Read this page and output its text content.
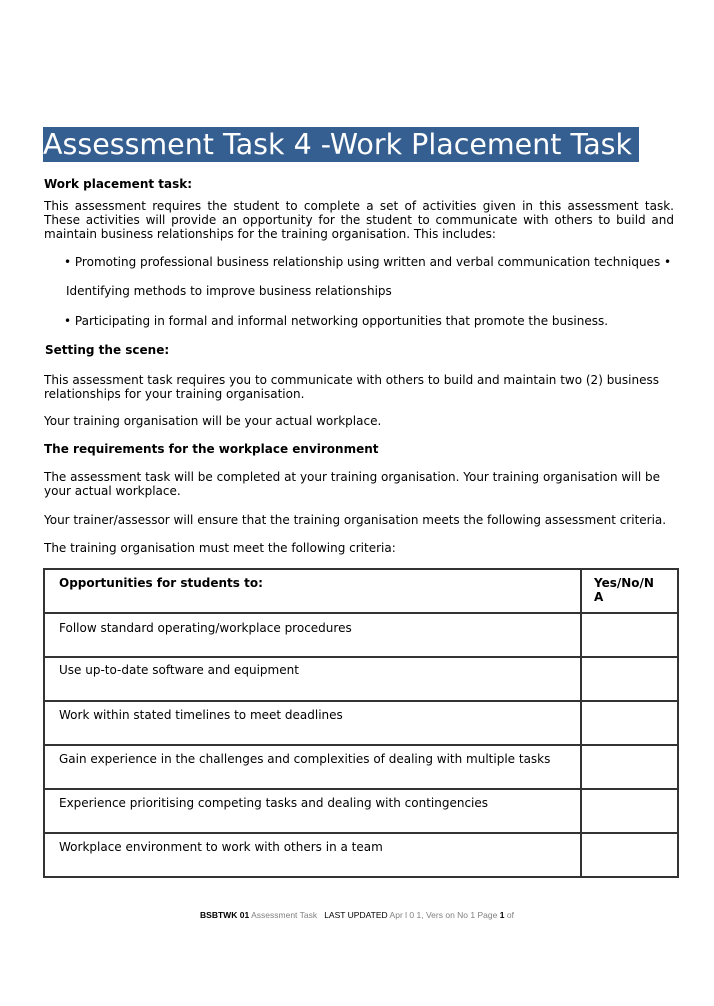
Assessment Task 4 -Work Placement Task
Work placement task:
This assessment requires the student to complete a set of activities given in this assessment task.
These activities will provide an opportunity for the student to communicate with others to build and
maintain business relationships for the training organisation. This includes:
• Promoting professional business relationship using written and verbal communication techniques •
Identifying methods to improve business relationships
• Participating in formal and informal networking opportunities that promote the business.
Setting the scene:
This assessment task requires you to communicate with others to build and maintain two (2) business
relationships for your training organisation.
Your training organisation will be your actual workplace.
The requirements for the workplace environment
The assessment task will be completed at your training organisation. Your training organisation will be
your actual workplace.
Your trainer/assessor will ensure that the training organisation meets the following assessment criteria.
The training organisation must meet the following criteria:
Opportunities for students to:	Yes/No/N
A

Follow standard operating/workplace procedures	
Use up-to-date software and equipment	
Work within stated timelines to meet deadlines	
Gain experience in the challenges and complexities of dealing with multiple tasks	
Experience prioritising competing tasks and dealing with contingencies	
Workplace environment to work with others in a team	
BSBTWK 01 Assessment Task LAST UPDATED Apr l 0 1, Vers on No 1 Page 1 of
